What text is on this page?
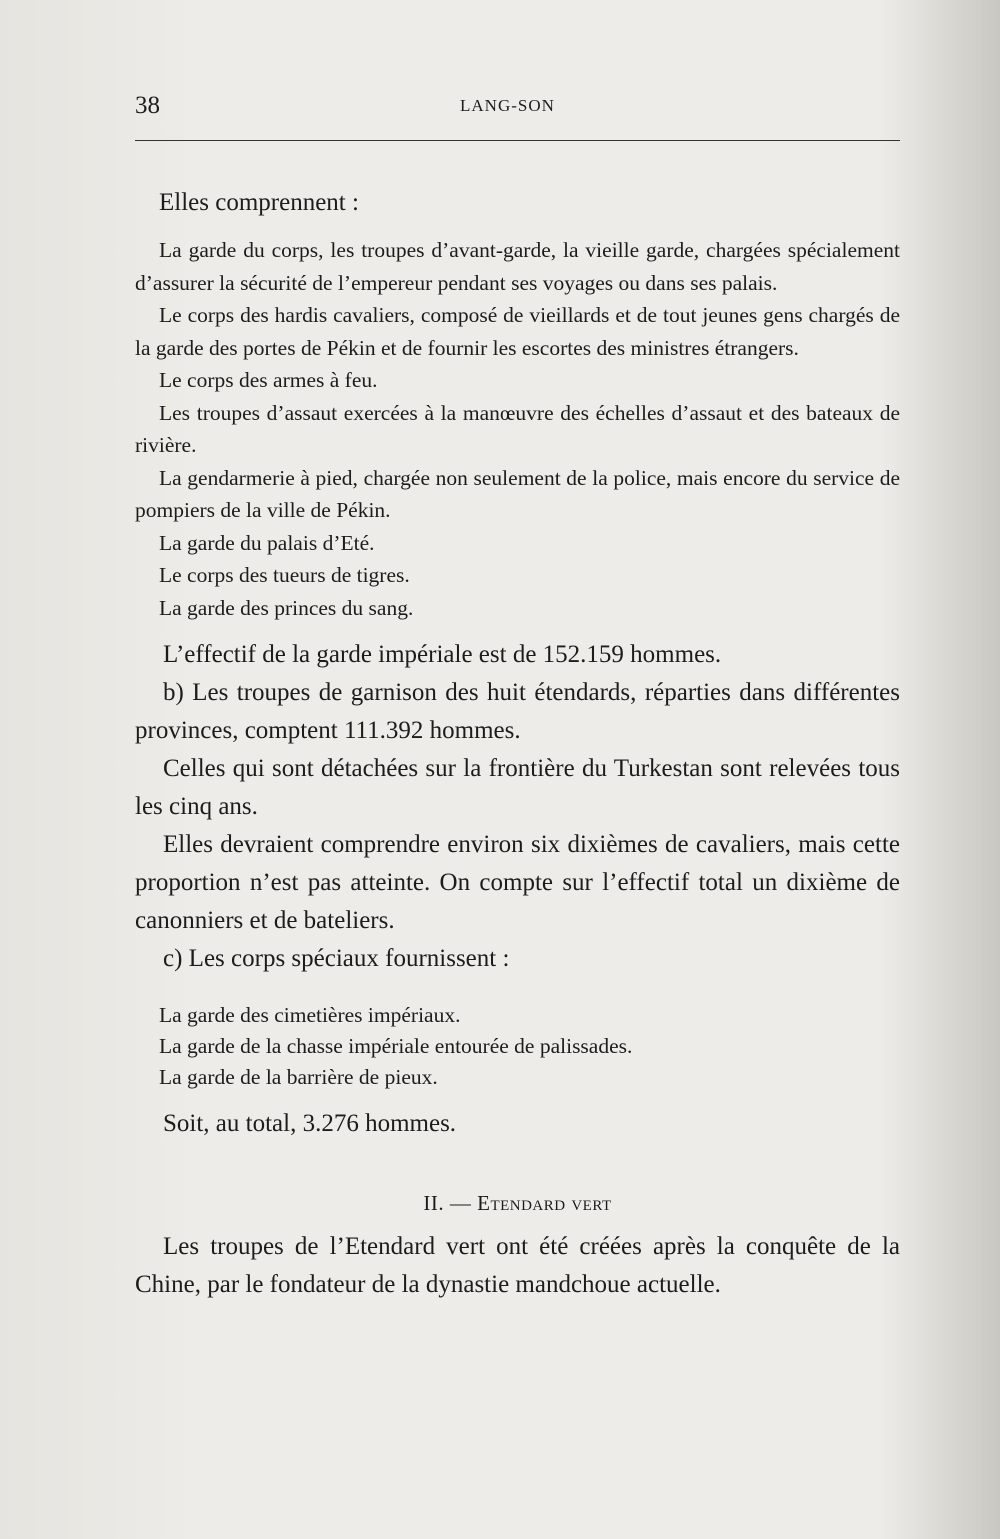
38	LANG-SON

Elles comprennent :

La garde du corps, les troupes d’avant-garde, la vieille garde, chargées spécialement d’assurer la sécurité de l’empereur pendant ses voyages ou dans ses palais.

Le corps des hardis cavaliers, composé de vieillards et de tout jeunes gens chargés de la garde des portes de Pékin et de fournir les escortes des ministres étrangers.

Le corps des armes à feu.

Les troupes d’assaut exercées à la manœuvre des échelles d’assaut et des bateaux de rivière.

La gendarmerie à pied, chargée non seulement de la police, mais encore du service de pompiers de la ville de Pékin.

La garde du palais d’Eté.

Le corps des tueurs de tigres.

La garde des princes du sang.

L’effectif de la garde impériale est de 152.159 hommes.

b) Les troupes de garnison des huit étendards, réparties dans différentes provinces, comptent 111.392 hommes.

Celles qui sont détachées sur la frontière du Turkestan sont relevées tous les cinq ans.

Elles devraient comprendre environ six dixièmes de cavaliers, mais cette proportion n’est pas atteinte. On compte sur l’effectif total un dixième de canonniers et de bateliers.

c) Les corps spéciaux fournissent :

La garde des cimetières impériaux.
La garde de la chasse impériale entourée de palissades.
La garde de la barrière de pieux.

Soit, au total, 3.276 hommes.

II. — Etendard vert

Les troupes de l’Etendard vert ont été créées après la conquête de la Chine, par le fondateur de la dynastie mandchoue actuelle.
